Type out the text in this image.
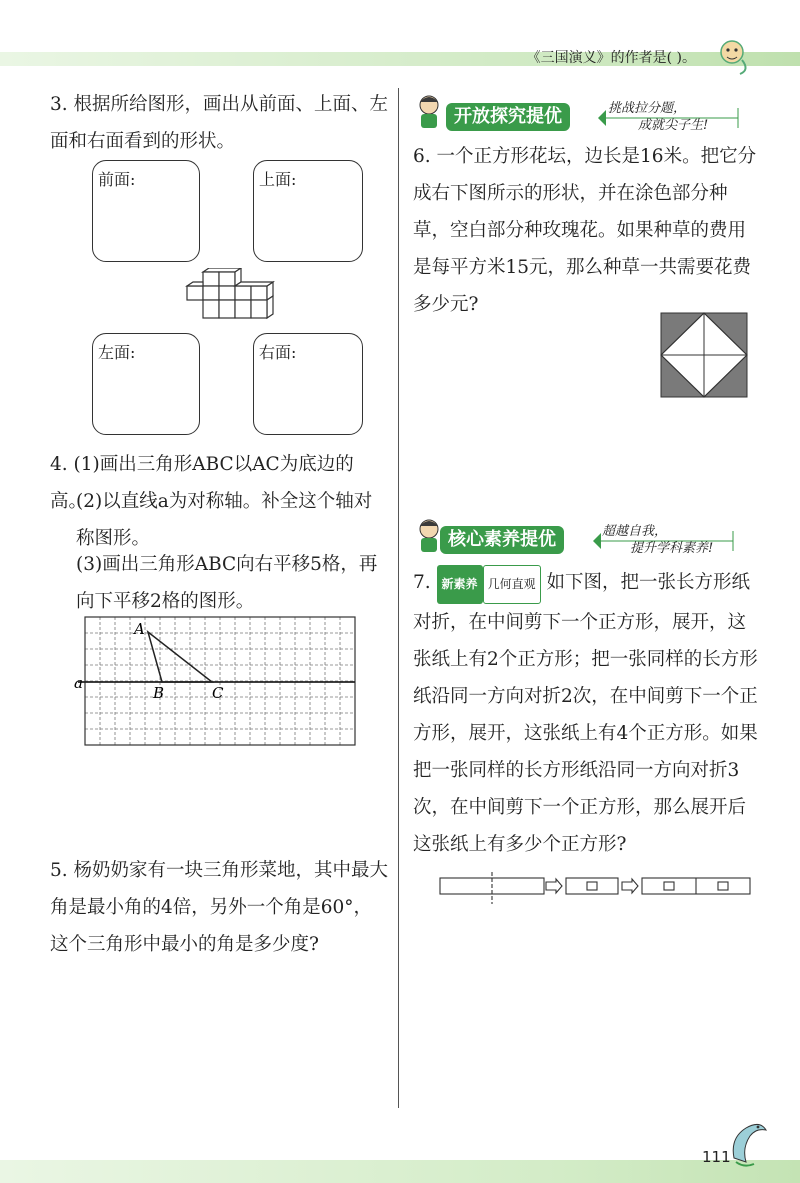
《三国演义》的作者是( )。

3. 根据所给图形，画出从前面、上面、左面和右面看到的形状。

前面:	上面:
左面:	右面:

4. (1)画出三角形ABC以AC为底边的高。

(2)以直线a为对称轴。补全这个轴对称图形。

(3)画出三角形ABC向右平移5格，再向下平移2格的图形。

a
A
B	C

5. 杨奶奶家有一块三角形菜地，其中最大角是最小角的4倍，另外一个角是60°，这个三角形中最小的角是多少度?

开放探究提优	挑战拉分题，
成就尖子生!

6. 一个正方形花坛，边长是16米。把它分成右下图所示的形状，并在涂色部分种草，空白部分种玫瑰花。如果种草的费用是每平方米15元，那么种草一共需要花费多少元?

核心素养提优	超越自我，
提升学科素养!

7. 新素养 几何直观 如下图，把一张长方形纸对折，在中间剪下一个正方形，展开，这张纸上有2个正方形；把一张同样的长方形纸沿同一方向对折2次，在中间剪下一个正方形，展开，这张纸上有4个正方形。如果把一张同样的长方形纸沿同一方向对折3次，在中间剪下一个正方形，那么展开后这张纸上有多少个正方形?

111
